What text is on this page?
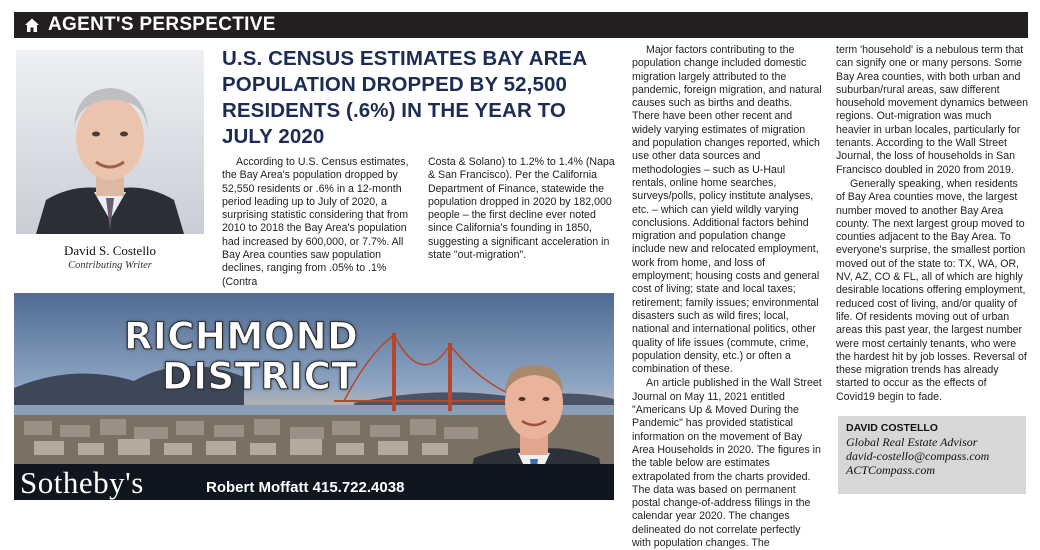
AGENT'S PERSPECTIVE
David S. Costello
Contributing Writer
U.S. CENSUS ESTIMATES BAY AREA POPULATION DROPPED BY 52,500 RESIDENTS (.6%) IN THE YEAR TO JULY 2020

According to U.S. Census estimates, the Bay Area's population dropped by 52,550 residents or .6% in a 12-month period leading up to July of 2020, a surprising statistic considering that from 2010 to 2018 the Bay Area's population had increased by 600,000, or 7.7%. All Bay Area counties saw population declines, ranging from .05% to .1% (Contra

Costa & Solano) to 1.2% to 1.4% (Napa & San Francisco). Per the California Department of Finance, statewide the population dropped in 2020 by 182,000 people – the first decline ever noted since California's founding in 1850, suggesting a significant acceleration in state "out-migration".

Major factors contributing to the population change included domestic migration largely attributed to the pandemic, foreign migration, and natural causes such as births and deaths. There have been other recent and widely varying estimates of migration and population changes reported, which use other data sources and methodologies – such as U-Haul rentals, online home searches, surveys/polls, policy institute analyses, etc. – which can yield wildly varying conclusions. Additional factors behind migration and population change include new and relocated employment, work from home, and loss of employment; housing costs and general cost of living; state and local taxes; retirement; family issues; environmental disasters such as wild fires; local, national and international politics, other quality of life issues (commute, crime, population density, etc.) or often a combination of these.

An article published in the Wall Street Journal on May 11, 2021 entitled "Americans Up & Moved During the Pandemic" has provided statistical information on the movement of Bay Area Households in 2020. The figures in the table below are estimates extrapolated from the charts provided. The data was based on permanent postal change-of-address filings in the calendar year 2020. The changes delineated do not correlate perfectly with population changes. The

term 'household' is a nebulous term that can signify one or many persons. Some Bay Area counties, with both urban and suburban/rural areas, saw different household movement dynamics between regions. Out-migration was much heavier in urban locales, particularly for tenants. According to the Wall Street Journal, the loss of households in San Francisco doubled in 2020 from 2019.

Generally speaking, when residents of Bay Area counties move, the largest number moved to another Bay Area county. The next largest group moved to counties adjacent to the Bay Area. To everyone's surprise, the smallest portion moved out of the state to: TX, WA, OR, NV, AZ, CO & FL, all of which are highly desirable locations offering employment, reduced cost of living, and/or quality of life. Of residents moving out of urban areas this past year, the largest number were most certainly tenants, who were the hardest hit by job losses. Reversal of these migration trends has already started to occur as the effects of Covid19 begin to fade.

DAVID COSTELLO
Global Real Estate Advisor
david-costello@compass.com
ACTCompass.com
RICHMOND
DISTRICT
Sotheby's	Robert Moffatt 415.722.4038
